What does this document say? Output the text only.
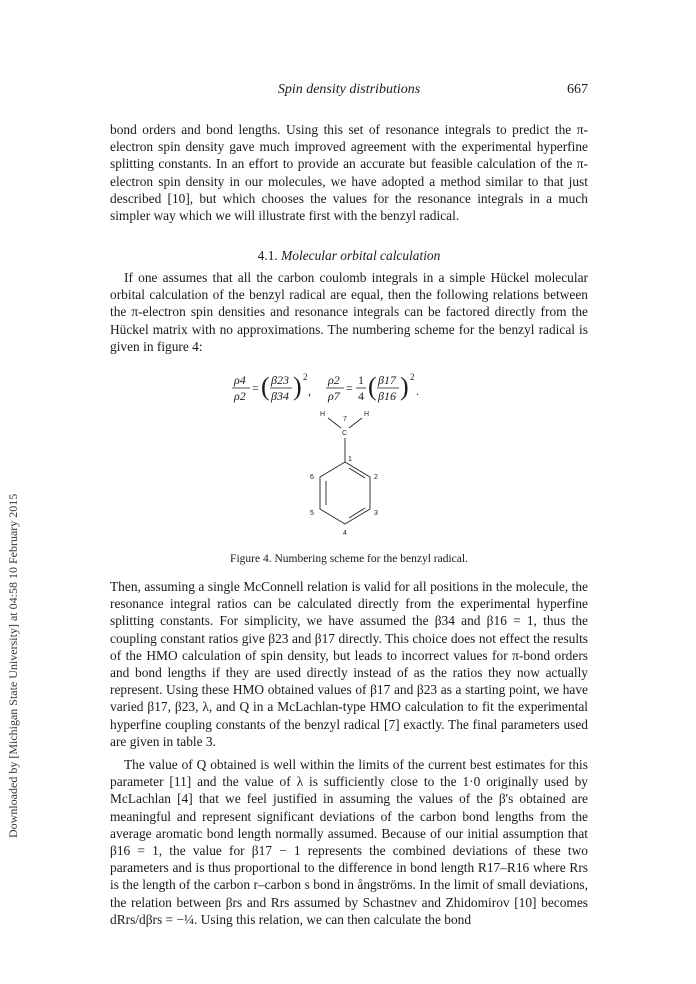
Spin density distributions	667
Downloaded by [Michigan State University] at 04:58 10 February 2015

bond orders and bond lengths. Using this set of resonance integrals to predict the π-electron spin density gave much improved agreement with the experimental hyperfine splitting constants. In an effort to provide an accurate but feasible calculation of the π-electron spin density in our molecules, we have adopted a method similar to that just described [10], but which chooses the values for the resonance integrals in a much simpler way which we will illustrate first with the benzyl radical.

4.1. Molecular orbital calculation

If one assumes that all the carbon coulomb integrals in a simple Hückel molecular orbital calculation of the benzyl radical are equal, then the following relations between the π-electron spin densities and resonance integrals can be factored directly from the Hückel matrix with no approximations. The numbering scheme for the benzyl radical is given in figure 4:

ρ4
ρ2
= ( β23
β34 ) 2
,
ρ2
ρ7
=
1
4 ( β17
β16 ) 2
.
H
7
H
C
1
6	2
5	3
4
Figure 4. Numbering scheme for the benzyl radical.

Then, assuming a single McConnell relation is valid for all positions in the molecule, the resonance integral ratios can be calculated directly from the experimental hyperfine splitting constants. For simplicity, we have assumed the β34 and β16 = 1, thus the coupling constant ratios give β23 and β17 directly. This choice does not effect the results of the HMO calculation of spin density, but leads to incorrect values for π-bond orders and bond lengths if they are used directly instead of as the ratios they now actually represent. Using these HMO obtained values of β17 and β23 as a starting point, we have varied β17, β23, λ, and Q in a McLachlan-type HMO calculation to fit the experimental hyperfine coupling constants of the benzyl radical [7] exactly. The final parameters used are given in table 3.

The value of Q obtained is well within the limits of the current best estimates for this parameter [11] and the value of λ is sufficiently close to the 1·0 originally used by McLachlan [4] that we feel justified in assuming the values of the β's obtained are meaningful and represent significant deviations of the carbon bond lengths from the average aromatic bond length normally assumed. Because of our initial assumption that β16 = 1, the value for β17 − 1 represents the combined deviations of these two parameters and is thus proportional to the difference in bond length R17–R16 where Rrs is the length of the carbon r–carbon s bond in ångströms. In the limit of small deviations, the relation between βrs and Rrs assumed by Schastnev and Zhidomirov [10] becomes dRrs/dβrs = −¼. Using this relation, we can then calculate the bond
